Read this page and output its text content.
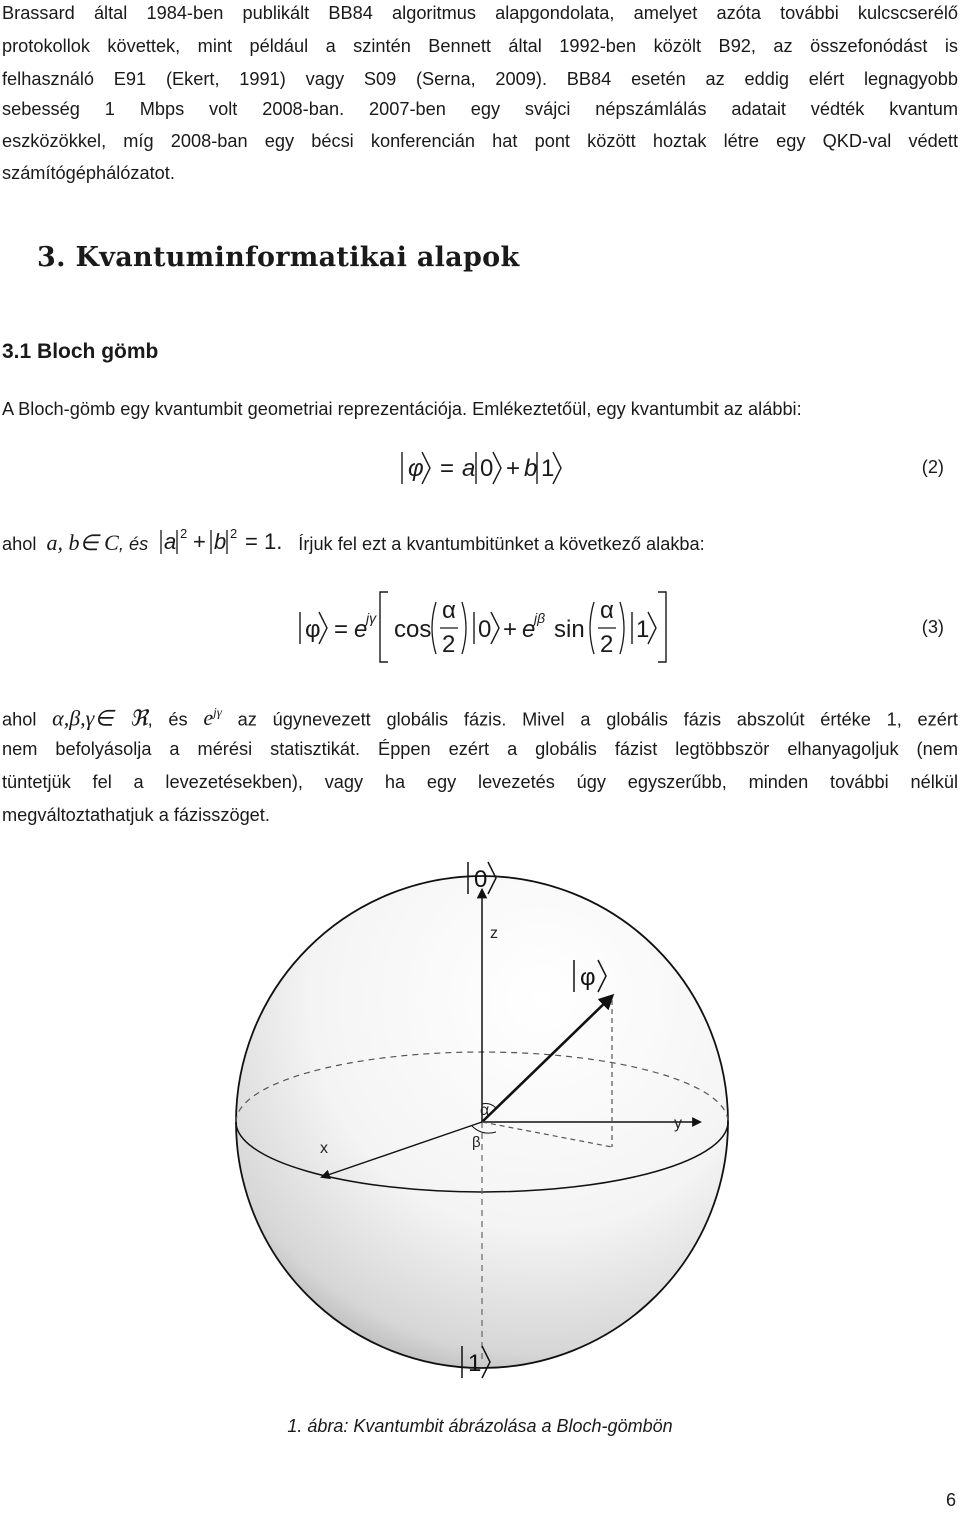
Brassard által 1984-ben publikált BB84 algoritmus alapgondolata, amelyet azóta további kulcscserélő
protokollok követtek, mint például a szintén Bennett által 1992-ben közölt B92, az összefonódást is
felhasználó E91 (Ekert, 1991) vagy S09 (Serna, 2009). BB84 esetén az eddig elért legnagyobb
sebesség 1 Mbps volt 2008-ban. 2007-ben egy svájci népszámlálás adatait védték kvantum
eszközökkel, míg 2008-ban egy bécsi konferencián hat pont között hoztak létre egy QKD-val védett
számítógéphálózatot.
3. Kvantuminformatikai alapok
3.1 Bloch gömb
A Bloch-gömb egy kvantumbit geometriai reprezentációja. Emlékeztetőül, egy kvantumbit az alábbi:
φ = a 0 + b 1	(2)
ahol a, b∈ C, és a 2 + b 2 = 1. Írjuk fel ezt a kvantumbitünket a következő alakba:
φ = e
jγ cos
α
2
0 + e
jβ sin
α
2
1	(3)
ahol α,β,γ∈ ℜ, és $e^{j\gamma}$ az úgynevezett globális fázis. Mivel a globális fázis abszolút értéke 1, ezért
nem befolyásolja a mérési statisztikát. Éppen ezért a globális fázist legtöbbször elhanyagoljuk (nem
tüntetjük fel a levezetésekben), vagy ha egy levezetés úgy egyszerűbb, minden további nélkül
megváltoztathatjuk a fázisszöget.
0
φ
1
z
x
y
α
β
1. ábra: Kvantumbit ábrázolása a Bloch-gömbön
6
